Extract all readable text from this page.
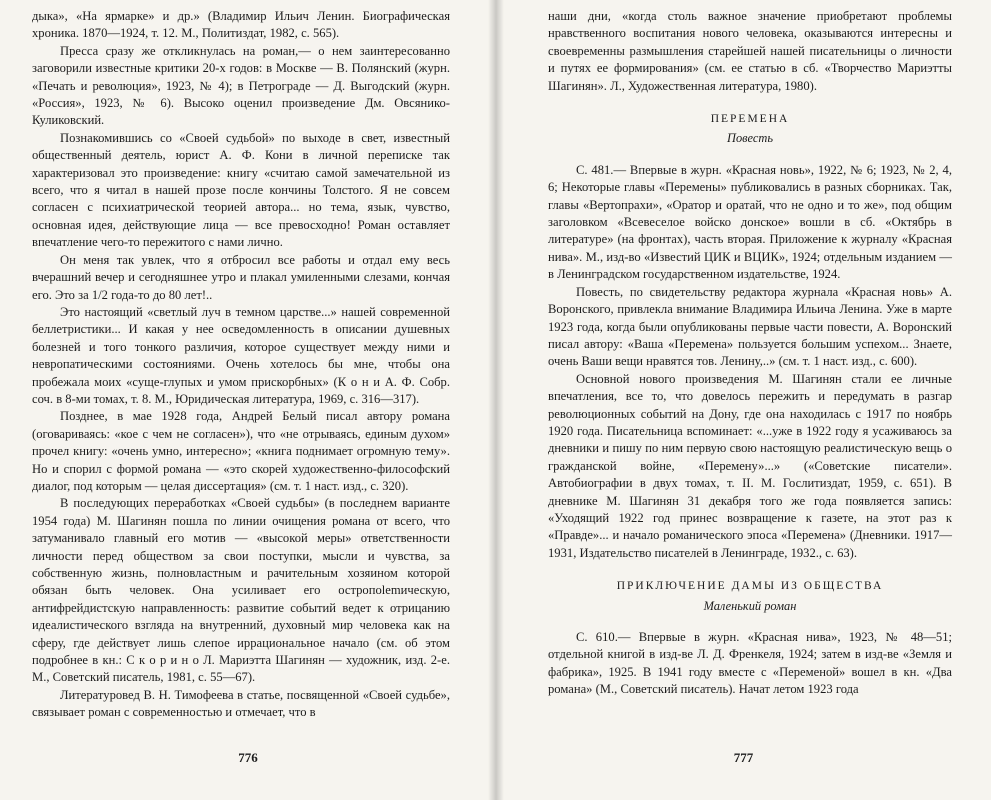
дыка», «На ярмарке» и др.» (Владимир Ильич Ленин. Биографическая хроника. 1870—1924, т. 12. М., Политиздат, 1982, с. 565).

Пресса сразу же откликнулась на роман,— о нем заинтересованно заговорили известные критики 20-х годов: в Москве — В. Полянский (журн. «Печать и революция», 1923, № 4); в Петрограде — Д. Выгодский (журн. «Россия», 1923, № 6). Высоко оценил произведение Дм. Овсянико-Куликовский.

Познакомившись со «Своей судьбой» по выходе в свет, известный общественный деятель, юрист А. Ф. Кони в личной переписке так характеризовал это произведение: книгу «считаю самой замечательной из всего, что я читал в нашей прозе после кончины Толстого. Я не совсем согласен с психиатрической теорией автора... но тема, язык, чувство, основная идея, действующие лица — все превосходно! Роман оставляет впечатление чего-то пережитого с нами лично.

Он меня так увлек, что я отбросил все работы и отдал ему весь вчерашний вечер и сегодняшнее утро и плакал умиленными слезами, кончая его. Это за 1/2 года-то до 80 лет!..

Это настоящий «светлый луч в темном царстве...» нашей современной беллетристики... И какая у нее осведомленность в описании душевных болезней и того тонкого различия, которое существует между ними и невропатическими состояниями. Очень хотелось бы мне, чтобы она пробежала моих «суще-глупых и умом прискорбных» (К о н и А. Ф. Собр. соч. в 8-ми томах, т. 8. М., Юридическая литература, 1969, с. 316—317).

Позднее, в мае 1928 года, Андрей Белый писал автору романа (оговариваясь: «кое с чем не согласен»), что «не отрываясь, единым духом» прочел книгу: «очень умно, интересно»; «книга поднимает огромную тему». Но и спорил с формой романа — «это скорей художественно-философский диалог, под которым — целая диссертация» (см. т. 1 наст. изд., с. 320).

В последующих переработках «Своей судьбы» (в последнем варианте 1954 года) М. Шагинян пошла по линии очищения романа от всего, что затуманивало главный его мотив — «высокой меры» ответственности личности перед обществом за свои поступки, мысли и чувства, за собственную жизнь, полновластным и рачительным хозяином которой обязан быть человек. Она усиливает его остропolemическую, антифрейдистскую направленность: развитие событий ведет к отрицанию идеалистического взгляда на внутренний, духовный мир человека как на сферу, где действует лишь слепое иррациональное начало (см. об этом подробнее в кн.: С к о р и н о Л. Мариэтта Шагинян — художник, изд. 2-е. М., Советский писатель, 1981, с. 55—67).

Литературовед В. Н. Тимофеева в статье, посвященной «Своей судьбе», связывает роман с современностью и отмечает, что в

776

наши дни, «когда столь важное значение приобретают проблемы нравственного воспитания нового человека, оказываются интересны и своевременны размышления старейшей нашей писательницы о личности и путях ее формирования» (см. ее статью в сб. «Творчество Мариэтты Шагинян». Л., Художественная литература, 1980).

ПЕРЕМЕНА
Повесть

С. 481.— Впервые в журн. «Красная новь», 1922, № 6; 1923, № 2, 4, 6; Некоторые главы «Перемены» публиковались в разных сборниках. Так, главы «Вертопрахи», «Оратор и оратай, что не одно и то же», под общим заголовком «Всевеселое войско донское» вошли в сб. «Октябрь в литературе» (на фронтах), часть вторая. Приложение к журналу «Красная нива». М., изд-во «Известий ЦИК и ВЦИК», 1924; отдельным изданием — в Ленинградском государственном издательстве, 1924.

Повесть, по свидетельству редактора журнала «Красная новь» А. Воронского, привлекла внимание Владимира Ильича Ленина. Уже в марте 1923 года, когда были опубликованы первые части повести, А. Воронский писал автору: «Ваша «Перемена» пользуется большим успехом... Знаете, очень Ваши вещи нравятся тов. Ленину,..» (см. т. 1 наст. изд., с. 600).

Основной нового произведения М. Шагинян стали ее личные впечатления, все то, что довелось пережить и передумать в разгар революционных событий на Дону, где она находилась с 1917 по ноябрь 1920 года. Писательница вспоминает: «...уже в 1922 году я усаживаюсь за дневники и пишу по ним первую свою настоящую реалистическую вещь о гражданской войне, «Перемену»...» («Советские писатели». Автобиографии в двух томах, т. II. М. Гослитиздат, 1959, с. 651). В дневнике М. Шагинян 31 декабря того же года появляется запись: «Уходящий 1922 год принес возвращение к газете, на этот раз к «Правде»... и начало романического эпоса «Перемена» (Дневники. 1917—1931, Издательство писателей в Ленинграде, 1932., с. 63).

ПРИКЛЮЧЕНИЕ ДАМЫ ИЗ ОБЩЕСТВА
Маленький роман

С. 610.— Впервые в журн. «Красная нива», 1923, № 48—51; отдельной книгой в изд-ве Л. Д. Френкеля, 1924; затем в изд-ве «Земля и фабрика», 1925. В 1941 году вместе с «Переменой» вошел в кн. «Два романа» (М., Советский писатель). Начат летом 1923 года

777
